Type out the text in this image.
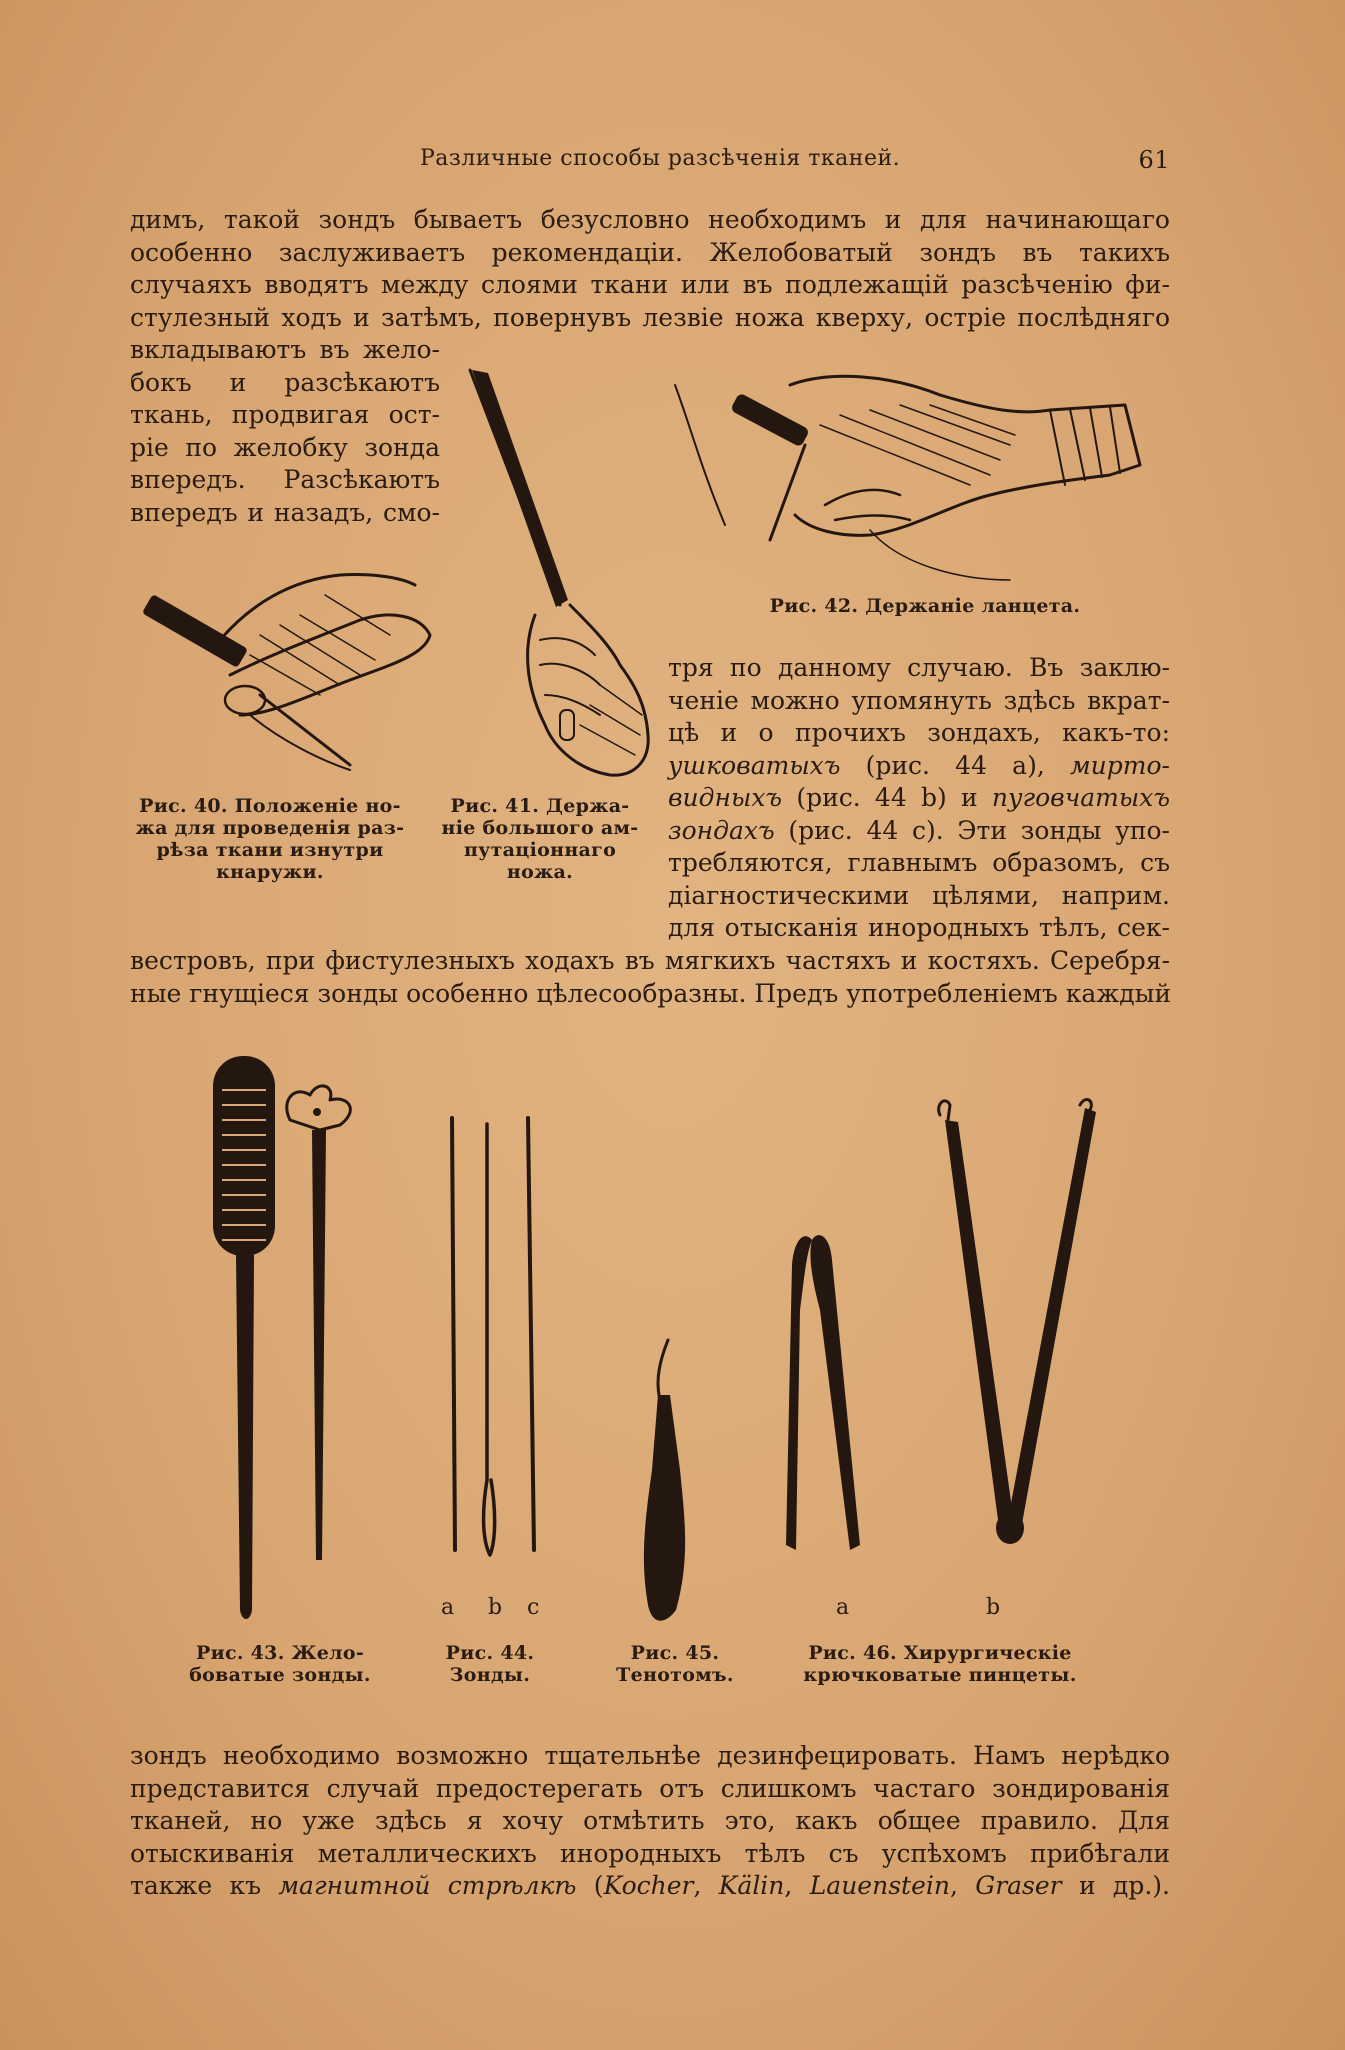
Различные способы разсѣченія тканей.	61

димъ, такой зондъ бываетъ безусловно необходимъ и для начинающаго
особенно заслуживаетъ рекомендаціи. Желобоватый зондъ въ такихъ
случаяхъ вводятъ между слоями ткани или въ подлежащій разсѣченію фи-
стулезный ходъ и затѣмъ, повернувъ лезвіе ножа кверху, остріе послѣдняго

вкладываютъ въ жело-
бокъ и разсѣкаютъ
ткань, продвигая ост-
ріе по желобку зонда
впередъ. Разсѣкаютъ
впередъ и назадъ, смо-

Рис. 42. Держаніе ланцета.
Рис. 40. Положеніе но-
жа для проведенія раз-
рѣза ткани изнутри
кнаружи.
Рис. 41. Держа-
ніе большого ам-
путаціоннаго
ножа.

тря по данному случаю. Въ заклю-
ченіе можно упомянуть здѣсь вкрат-
цѣ и о прочихъ зондахъ, какъ-то:
ушковатыхъ (рис. 44 a), мирто-
видныхъ (рис. 44 b) и пуговчатыхъ
зондахъ (рис. 44 c). Эти зонды упо-
требляются, главнымъ образомъ, съ
діагностическими цѣлями, наприм.
для отысканія инородныхъ тѣлъ, сек-

вестровъ, при фистулезныхъ ходахъ въ мягкихъ частяхъ и костяхъ. Серебря-
ные гнущіеся зонды особенно цѣлесообразны. Предъ употребленіемъ каждый

a b c	a	b
Рис. 43. Жело-
боватые зонды.
Рис. 44.
Зонды.
Рис. 45.
Тенотомъ.
Рис. 46. Хирургическіе
крючковатые пинцеты.

зондъ необходимо возможно тщательнѣе дезинфецировать. Намъ нерѣдко
представится случай предостерегать отъ слишкомъ частаго зондированія
тканей, но уже здѣсь я хочу отмѣтить это, какъ общее правило. Для
отыскиванія металлическихъ инородныхъ тѣлъ съ успѣхомъ прибѣгали
также къ магнитной стрѣлкѣ (Kocher, Kälin, Lauenstein, Graser и др.).
